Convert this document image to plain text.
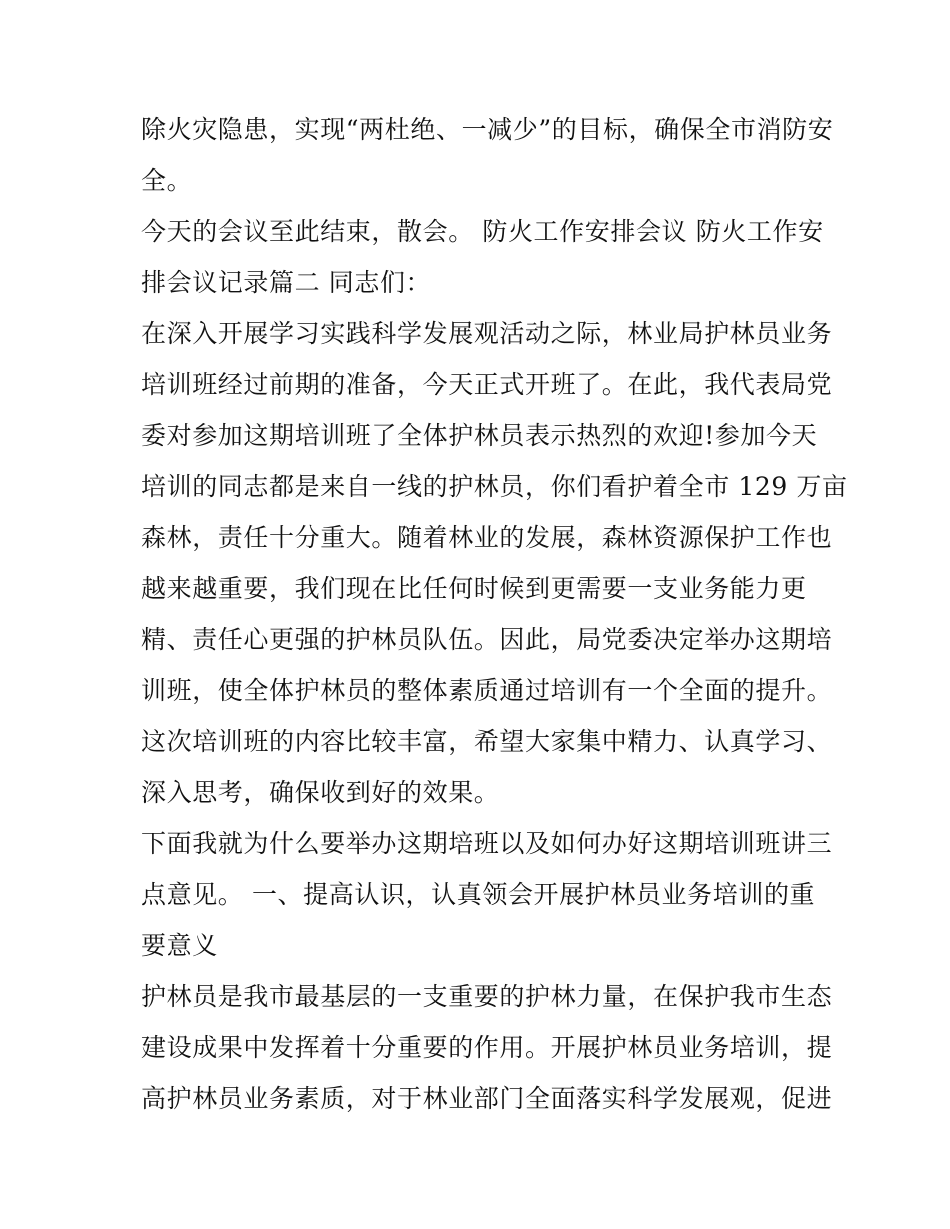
除火灾隐患，实现“两杜绝、一减少”的目标，确保全市消防安
全。
今天的会议至此结束，散会。 防火工作安排会议 防火工作安
排会议记录篇二 同志们：
在深入开展学习实践科学发展观活动之际，林业局护林员业务
培训班经过前期的准备，今天正式开班了。在此，我代表局党
委对参加这期培训班了全体护林员表示热烈的欢迎!参加今天
培训的同志都是来自一线的护林员，你们看护着全市 129 万亩
森林，责任十分重大。随着林业的发展，森林资源保护工作也
越来越重要，我们现在比任何时候到更需要一支业务能力更
精、责任心更强的护林员队伍。因此，局党委决定举办这期培
训班，使全体护林员的整体素质通过培训有一个全面的提升。
这次培训班的内容比较丰富，希望大家集中精力、认真学习、
深入思考，确保收到好的效果。
下面我就为什么要举办这期培班以及如何办好这期培训班讲三
点意见。 一、提高认识，认真领会开展护林员业务培训的重
要意义
护林员是我市最基层的一支重要的护林力量，在保护我市生态
建设成果中发挥着十分重要的作用。开展护林员业务培训，提
高护林员业务素质，对于林业部门全面落实科学发展观，促进
